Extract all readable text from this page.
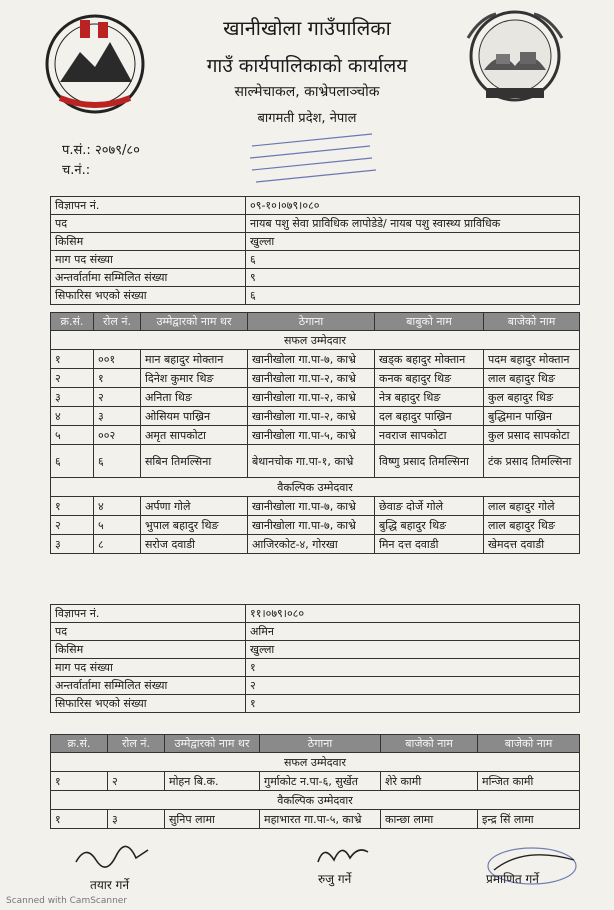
खानीखोला गाउँपालिका
गाउँ कार्यपालिकाको कार्यालय
साल्मेचाकल, काभ्रेपलाञ्चोक
बागमती प्रदेश, नेपाल
प.सं.: २०७९/८०
च.नं.:
विज्ञापन नं.	०९-१०।०७९।०८०
पद	नायब पशु सेवा प्राविधिक लापोडेडे/ नायब पशु स्वास्थ्य प्राविधिक
किसिम	खुल्ला
माग पद संख्या	६
अन्तर्वार्तामा सम्मिलित संख्या	९
सिफारिस भएको संख्या	६
क्र.सं.	रोल नं.	उम्मेद्वारको नाम थर	ठेगाना	बाबुको नाम	बाजेको नाम
सफल उम्मेदवार					
१	००१	मान बहादुर मोक्तान	खानीखोला गा.पा-७, काभ्रे	खड्क बहादुर मोक्तान	पदम बहादुर मोक्तान
२	१	दिनेश कुमार थिङ	खानीखोला गा.पा-२, काभ्रे	कनक बहादुर थिङ	लाल बहादुर थिङ
३	२	अनिता थिङ	खानीखोला गा.पा-२, काभ्रे	नेत्र बहादुर थिङ	कुल बहादुर थिङ
४	३	ओसियम पाख्रिन	खानीखोला गा.पा-२, काभ्रे	दल बहादुर पाख्रिन	बुद्धिमान पाख्रिन
५	००२	अमृत सापकोटा	खानीखोला गा.पा-५, काभ्रे	नवराज सापकोटा	कुल प्रसाद सापकोटा
६	६	सबिन तिमल्सिना	बेथानचोक गा.पा-१, काभ्रे	विष्णु प्रसाद तिमल्सिना	टंक प्रसाद तिमल्सिना
वैकल्पिक उम्मेदवार					
१	४	अर्पणा गोले	खानीखोला गा.पा-७, काभ्रे	छेवाङ दोर्जे गोले	लाल बहादुर गोले
२	५	भुपाल बहादुर थिङ	खानीखोला गा.पा-७, काभ्रे	बुद्धि बहादुर थिङ	लाल बहादुर थिङ
३	८	सरोज दवाडी	आजिरकोट-४, गोरखा	मिन दत्त दवाडी	खेमदत्त दवाडी
विज्ञापन नं.	११।०७९।०८०
पद	अमिन
किसिम	खुल्ला
माग पद संख्या	१
अन्तर्वार्तामा सम्मिलित संख्या	२
सिफारिस भएको संख्या	१
क्र.सं.	रोल नं.	उम्मेद्वारको नाम थर	ठेगाना	बाजेको नाम	बाजेको नाम
सफल उम्मेदवार					
१	२	मोहन बि.क.	गुर्माकोट न.पा-६, सुर्खेत	शेरे कामी	मन्जित कामी
वैकल्पिक उम्मेदवार					
१	३	सुनिप लामा	महाभारत गा.पा-५, काभ्रे	कान्छा लामा	इन्द्र सिं लामा
तयार गर्ने	रुजु गर्ने	प्रमाणित गर्ने
Scanned with CamScanner
